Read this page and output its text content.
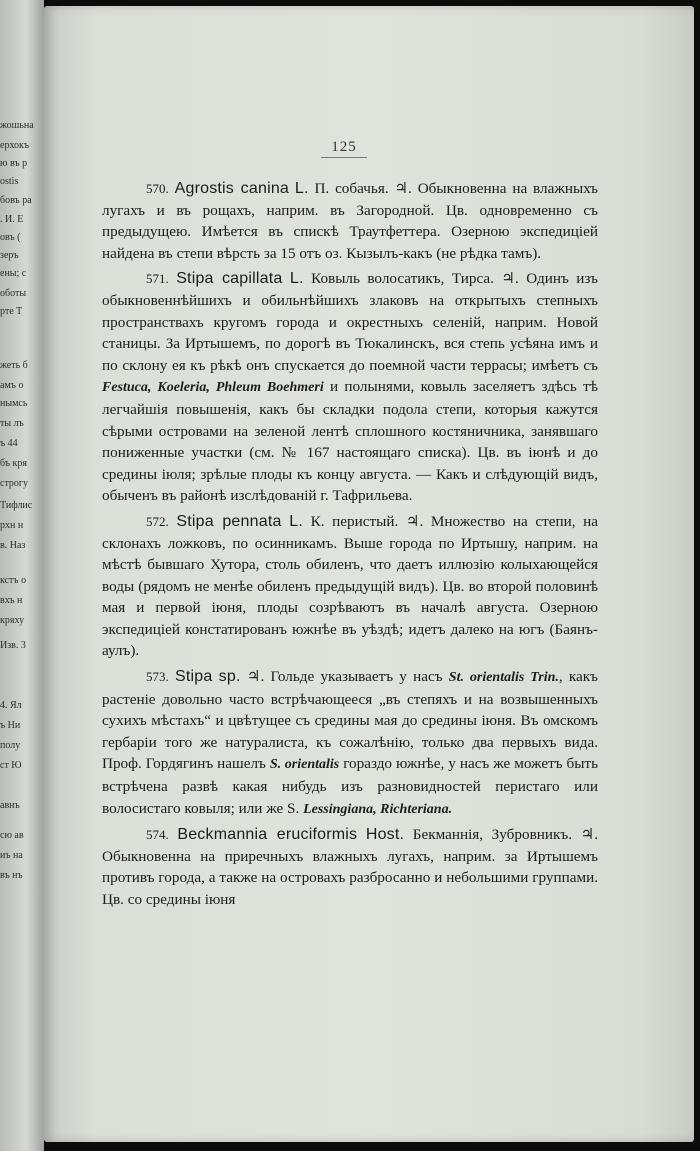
жошьна
ерхокъ
ю въ р
ostis
бовъ ра
. И. Е
овъ (
зеръ
ены; с
оботы
рте Т
жеть б
амъ о
нымсь
ты лъ
ъ 44
бъ кря
строгу
Тифлис
рхн н
в. Наз
кстъ о
вхъ н
кряху
Изв. 3
4. Ял
ъ Ни
полу
ст Ю
авнъ
сю ав
иъ на
въ нъ
125

570. Agrostis canina L. П. собачья. ♃. Обыкновенна на влажныхъ лугахъ и въ рощахъ, наприм. въ Загородной. Цв. одновременно съ предыдущею. Имѣется въ спискѣ Траутфеттера. Озерною экспедиціей найдена въ степи вѣрсть за 15 отъ оз. Кызылъ-какъ (не рѣдка тамъ).

571. Stipa capillata L. Ковыль волосатикъ, Тирса. ♃. Одинъ изъ обыкновеннѣйшихъ и обильнѣйшихъ злаковъ на открытыхъ степныхъ пространствахъ кругомъ города и окрестныхъ селеній, наприм. Новой станицы. За Иртышемъ, по дорогѣ въ Тюкалинскъ, вся степь усѣяна имъ и по склону ея къ рѣкѣ онъ спускается до поемной части террасы; имѣетъ съ Festuca, Koeleria, Phleum Boehmeri и полынями, ковыль заселяетъ здѣсь тѣ легчайшія повышенія, какъ бы складки подола степи, которыя кажутся сѣрыми островами на зеленой лентѣ сплошного костяничника, занявшаго пониженные участки (см. № 167 настоящаго списка). Цв. въ іюнѣ и до средины іюля; зрѣлые плоды къ концу августа. — Какъ и слѣдующій видъ, обыченъ въ районѣ изслѣдованій г. Тафрильева.

572. Stipa pennata L. К. перистый. ♃. Множество на степи, на склонахъ ложковъ, по осинникамъ. Выше города по Иртышу, наприм. на мѣстѣ бывшаго Хутора, столь обиленъ, что даетъ иллюзію колыхающейся воды (рядомъ не менѣе обиленъ предыдущій видъ). Цв. во второй половинѣ мая и первой іюня, плоды созрѣваютъ въ началѣ августа. Озерною экспедиціей констатированъ южнѣе въ уѣздѣ; идетъ далеко на югъ (Баянъ-аулъ).

573. Stipa sp. ♃. Гольде указываетъ у насъ St. orientalis Trin., какъ растеніе довольно часто встрѣчающееся „въ степяхъ и на возвышенныхъ сухихъ мѣстахъ“ и цвѣтущее съ средины мая до средины іюня. Въ омскомъ гербаріи того же натуралиста, къ сожалѣнію, только два первыхъ вида. Проф. Гордягинъ нашелъ S. orientalis гораздо южнѣе, у насъ же можетъ быть встрѣчена развѣ какая нибудь изъ разновидностей перистаго или волосистаго ковыля; или же S. Lessingiana, Richteriana.

574. Beckmannia eruciformis Host. Бекманнія, Зубровникъ. ♃. Обыкновенна на приречныхъ влажныхъ лугахъ, наприм. за Иртышемъ противъ города, а также на островахъ разбросанно и небольшими группами. Цв. со средины іюня
